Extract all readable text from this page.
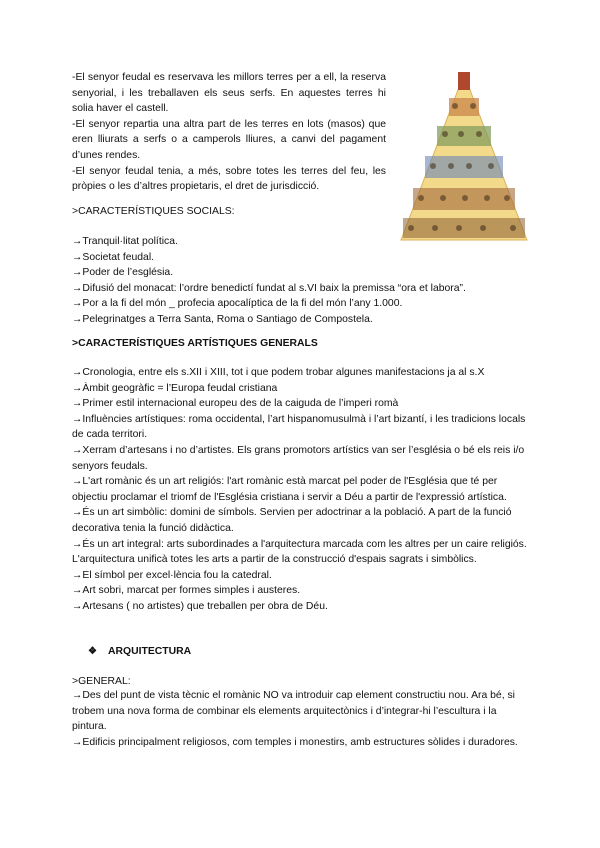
-El senyor feudal es reservava les millors terres per a ell, la reserva senyorial, i les treballaven els seus serfs. En aquestes terres hi solia haver el castell.

-El senyor repartia una altra part de les terres en lots (masos) que eren lliurats a serfs o a camperols lliures, a canvi del pagament d’unes rendes.

-El senyor feudal tenia, a més, sobre totes les terres del feu, les pròpies o les d’altres propietaris, el dret de jurisdicció.

>CARACTERÍSTIQUES SOCIALS:

→Tranquil·litat política.
→Societat feudal.
→Poder de l’església.
→Difusió del monacat: l’ordre benedictí fundat al s.VI baix la premissa “ora et labora”.
→Por a la fi del món _ profecia apocalíptica de la fi del món l’any 1.000.
→Pelegrinatges a Terra Santa, Roma o Santiago de Compostela.

>CARACTERÍSTIQUES ARTÍSTIQUES GENERALS

→Cronologia, entre els s.XII i XIII, tot i que podem trobar algunes manifestacions ja al s.X
→Àmbit geogràfic = l’Europa feudal cristiana
→Primer estil internacional europeu des de la caiguda de l’imperi romà
→Influències artístiques: roma occidental, l’art hispanomusulmà i l’art bizantí, i les tradicions locals de cada territori.
→Xerram d’artesans i no d’artistes. Els grans promotors artístics van ser l’església o bé els reis i/o senyors feudals.
→L'art romànic és un art religiós: l'art romànic està marcat pel poder de l'Església que té per objectiu proclamar el triomf de l'Església cristiana i servir a Déu a partir de l'expressió artística.
→És un art simbòlic: domini de símbols. Servien per adoctrinar a la població. A part de la funció decorativa tenia la funció didàctica.
→És un art integral: arts subordinades a l'arquitectura marcada com les altres per un caire religiós. L'arquitectura unificà totes les arts a partir de la construcció d'espais sagrats i simbòlics.
→El símbol per excel·lència fou la catedral.
→Art sobri, marcat per formes simples i austeres.
→Artesans ( no artistes) que treballen per obra de Déu.

❖ ARQUITECTURA

>GENERAL:

→Des del punt de vista tècnic el romànic NO va introduir cap element constructiu nou. Ara bé, si trobem una nova forma de combinar els elements arquitectònics i d’integrar-hi l’escultura i la pintura.
→Edificis principalment religiosos, com temples i monestirs, amb estructures sòlides i duradores.
